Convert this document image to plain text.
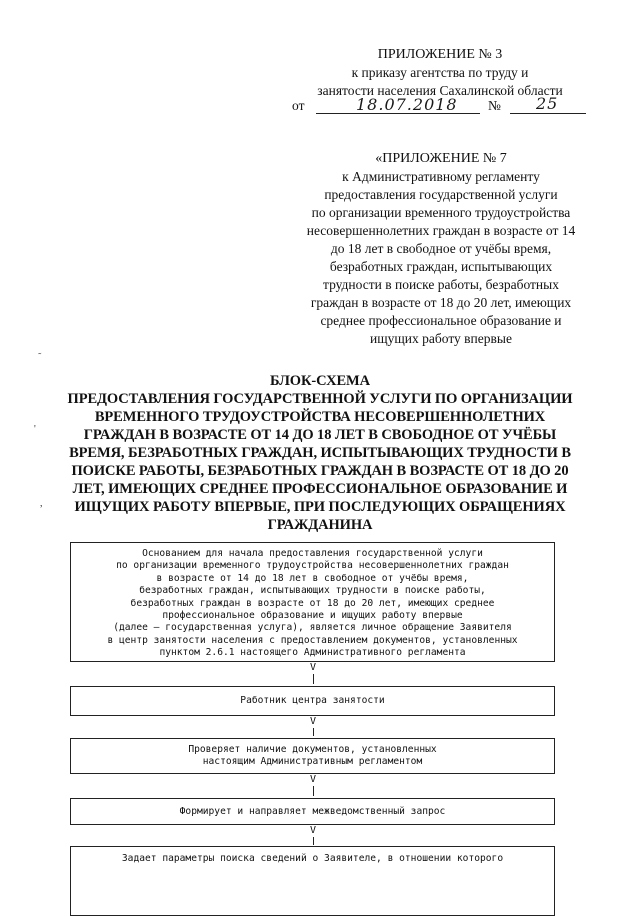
ПРИЛОЖЕНИЕ № 3
к приказу агентства по труду и
занятости населения Сахалинской области
от	18.07.2018 № 25
«ПРИЛОЖЕНИЕ № 7
к Административному регламенту
предоставления государственной услуги
по организации временного трудоустройства
несовершеннолетних граждан в возрасте от 14
до 18 лет в свободное от учёбы время,
безработных граждан, испытывающих
трудности в поиске работы, безработных
граждан в возрасте от 18 до 20 лет, имеющих
среднее профессиональное образование и
ищущих работу впервые
˜
'
,
БЛОК-СХЕМА
ПРЕДОСТАВЛЕНИЯ ГОСУДАРСТВЕННОЙ УСЛУГИ ПО ОРГАНИЗАЦИИ
ВРЕМЕННОГО ТРУДОУСТРОЙСТВА НЕСОВЕРШЕННОЛЕТНИХ
ГРАЖДАН В ВОЗРАСТЕ ОТ 14 ДО 18 ЛЕТ В СВОБОДНОЕ ОТ УЧЁБЫ
ВРЕМЯ, БЕЗРАБОТНЫХ ГРАЖДАН, ИСПЫТЫВАЮЩИХ ТРУДНОСТИ В
ПОИСКЕ РАБОТЫ, БЕЗРАБОТНЫХ ГРАЖДАН В ВОЗРАСТЕ ОТ 18 ДО 20
ЛЕТ, ИМЕЮЩИХ СРЕДНЕЕ ПРОФЕССИОНАЛЬНОЕ ОБРАЗОВАНИЕ И
ИЩУЩИХ РАБОТУ ВПЕРВЫЕ, ПРИ ПОСЛЕДУЮЩИХ ОБРАЩЕНИЯХ
ГРАЖДАНИНА
Основанием для начала предоставления государственной услуги
по организации временного трудоустройства несовершеннолетних граждан
в возрасте от 14 до 18 лет в свободное от учёбы время,
безработных граждан, испытывающих трудности в поиске работы,
безработных граждан в возрасте от 18 до 20 лет, имеющих среднее
профессиональное образование и ищущих работу впервые
(далее – государственная услуга), является личное обращение Заявителя
в центр занятости населения с предоставлением документов, установленных
пунктом 2.6.1 настоящего Административного регламента
V
Работник центра занятости
V
Проверяет наличие документов, установленных
настоящим Административным регламентом
V
Формирует и направляет межведомственный запрос
V
Задает параметры поиска сведений о Заявителе, в отношении которого
